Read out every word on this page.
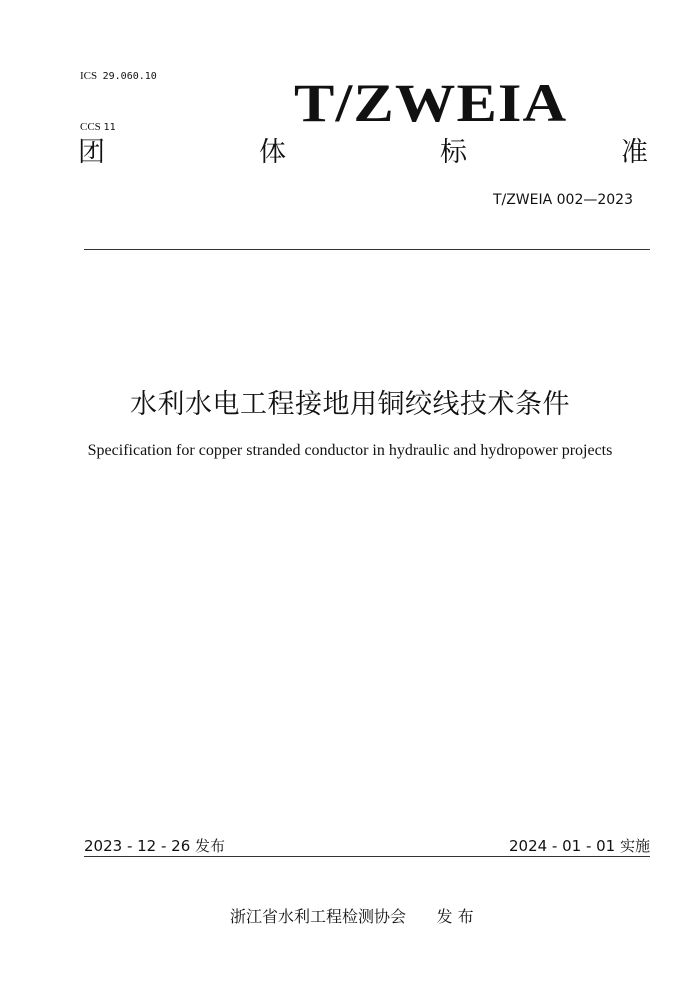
ICS 29.060.10

CCS 11	T/ZWEIA
团	体	标	准
T/ZWEIA 002—2023
水利水电工程接地用铜绞线技术条件
Specification for copper stranded conductor in hydraulic and hydropower projects
2023 - 12 - 26 发布	2024 - 01 - 01 实施
浙江省水利工程检测协会 发 布
